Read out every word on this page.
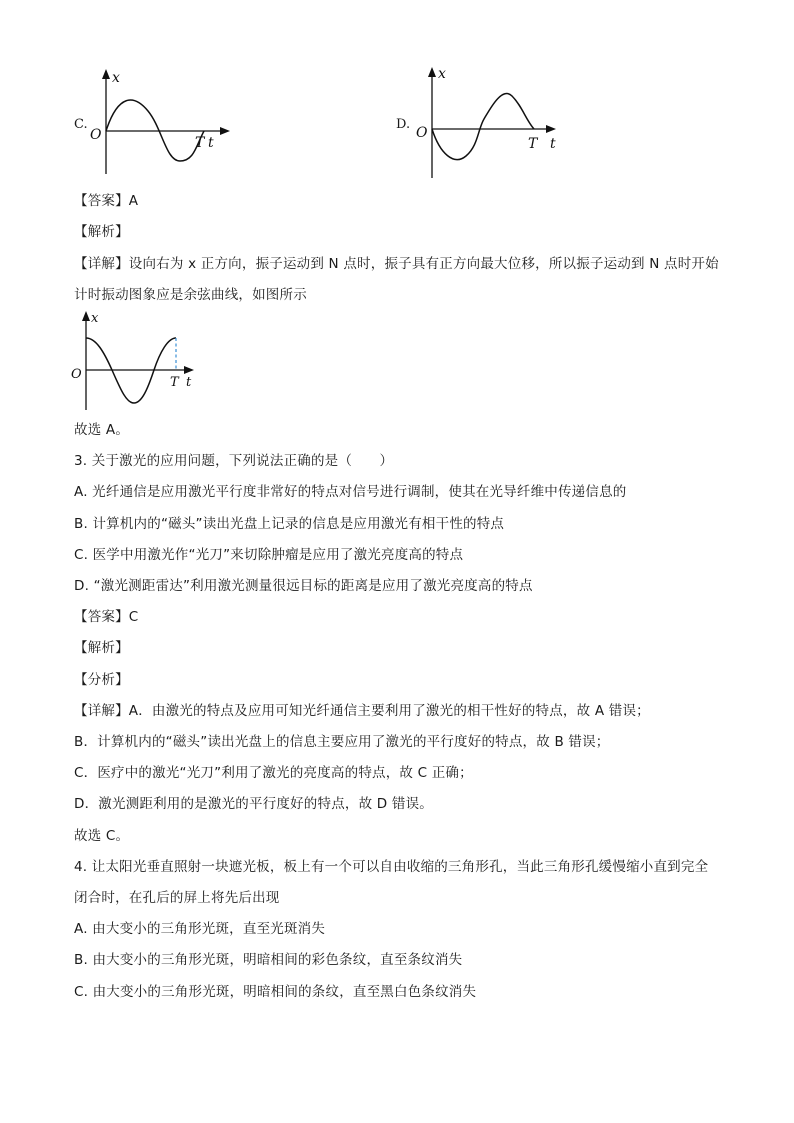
C.
x
O	T t
D.
x
O
T t
【答案】A
【解析】
【详解】设向右为 x 正方向，振子运动到 N 点时，振子具有正方向最大位移，所以振子运动到 N 点时开始
计时振动图象应是余弦曲线，如图所示
x
O
T t
故选 A。
3. 关于激光的应用问题，下列说法正确的是（　　）
A. 光纤通信是应用激光平行度非常好的特点对信号进行调制，使其在光导纤维中传递信息的
B. 计算机内的“磁头”读出光盘上记录的信息是应用激光有相干性的特点
C. 医学中用激光作“光刀”来切除肿瘤是应用了激光亮度高的特点
D. “激光测距雷达”利用激光测量很远目标的距离是应用了激光亮度高的特点
【答案】C
【解析】
【分析】
【详解】A．由激光的特点及应用可知光纤通信主要利用了激光的相干性好的特点，故 A 错误；
B．计算机内的“磁头”读出光盘上的信息主要应用了激光的平行度好的特点，故 B 错误；
C．医疗中的激光“光刀”利用了激光的亮度高的特点，故 C 正确；
D．激光测距利用的是激光的平行度好的特点，故 D 错误。
故选 C。
4. 让太阳光垂直照射一块遮光板，板上有一个可以自由收缩的三角形孔，当此三角形孔缓慢缩小直到完全
闭合时，在孔后的屏上将先后出现
A. 由大变小的三角形光斑，直至光斑消失
B. 由大变小的三角形光斑，明暗相间的彩色条纹，直至条纹消失
C. 由大变小的三角形光斑，明暗相间的条纹，直至黑白色条纹消失
